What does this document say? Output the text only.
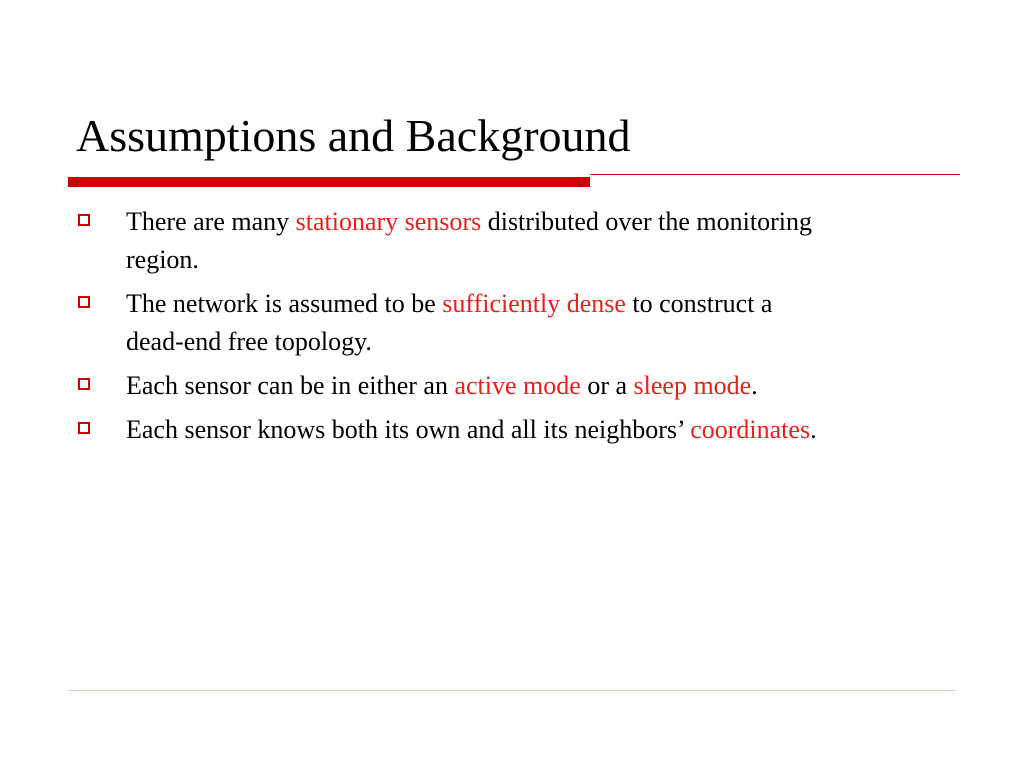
Assumptions and Background
There are many stationary sensors distributed over the monitoring region.
The network is assumed to be sufficiently dense to construct a dead-end free topology.
Each sensor can be in either an active mode or a sleep mode.
Each sensor knows both its own and all its neighbors’ coordinates.
